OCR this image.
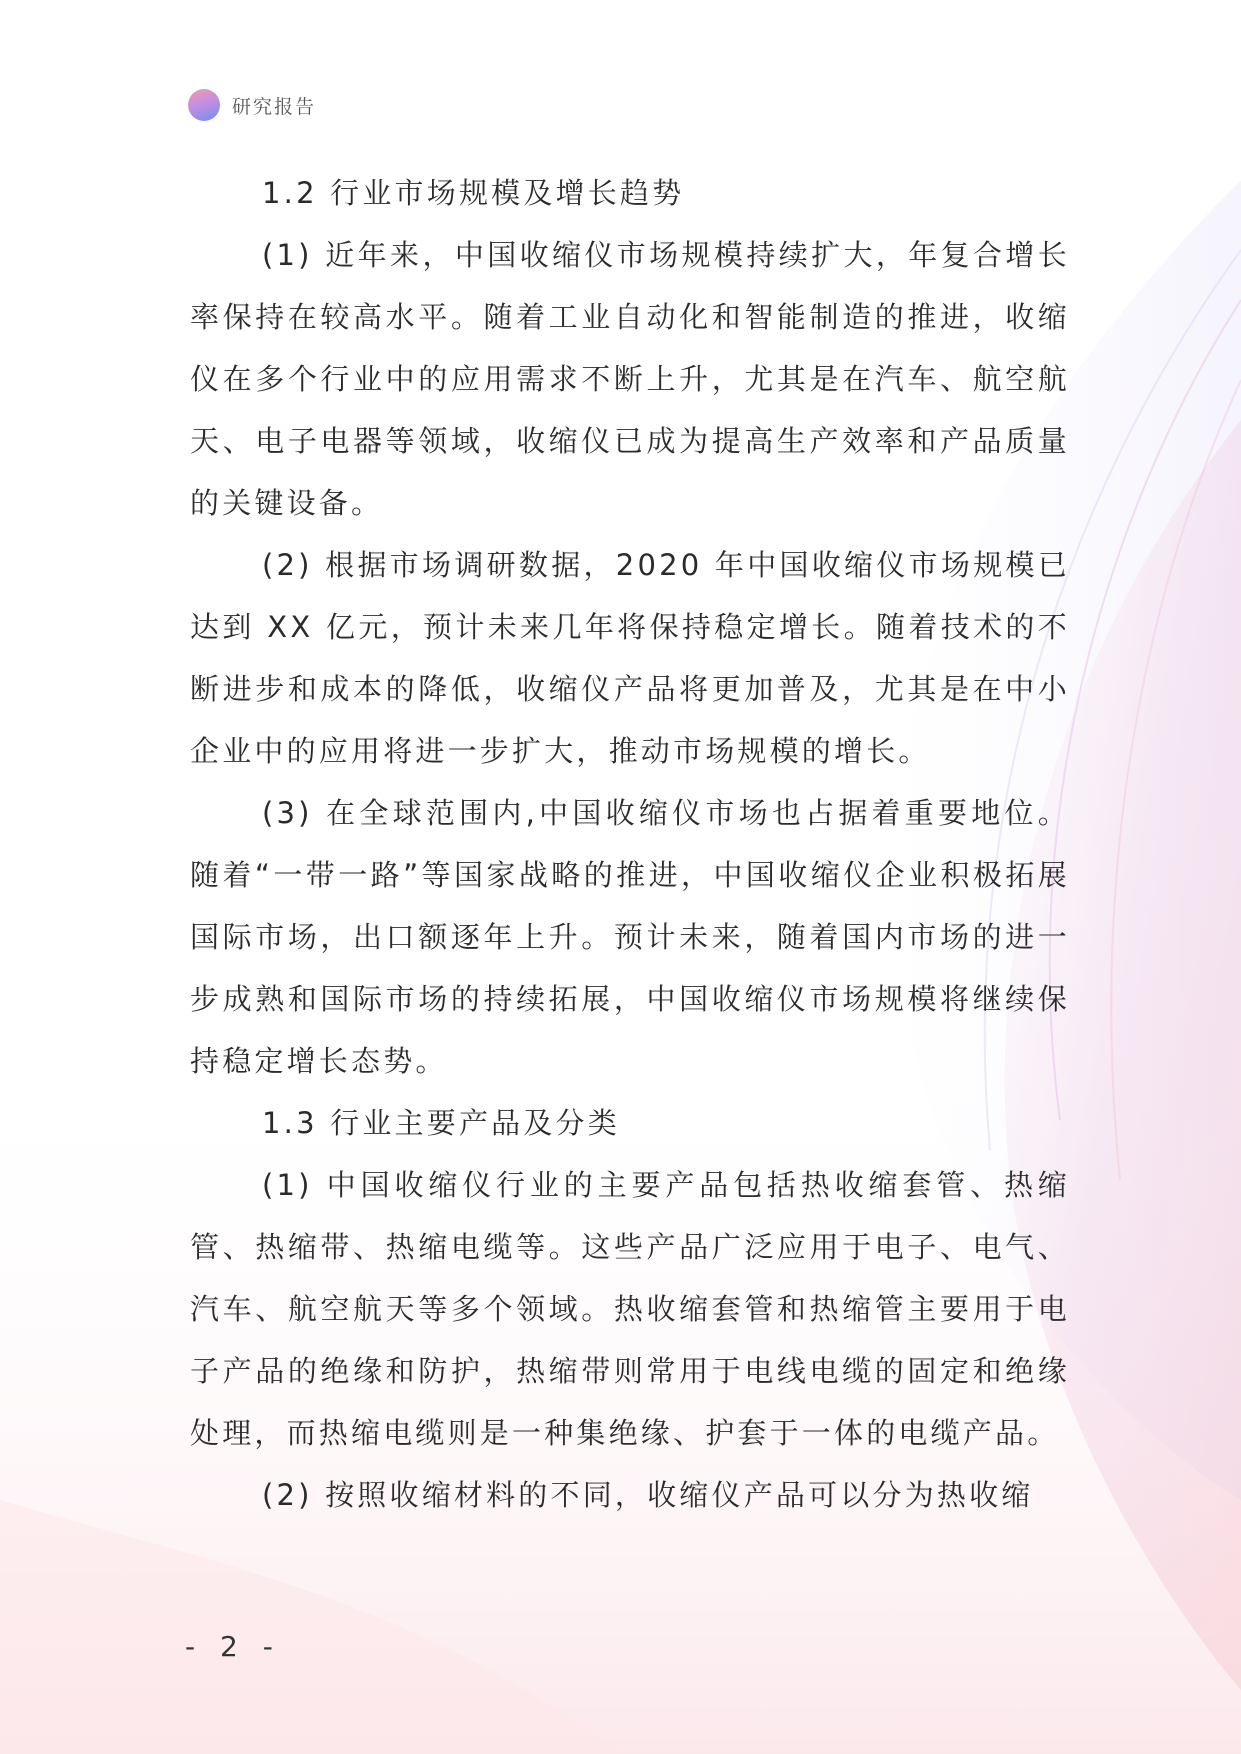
研究报告

1.2 行业市场规模及增长趋势

(1) 近年来，中国收缩仪市场规模持续扩大，年复合增长率保持在较高水平。随着工业自动化和智能制造的推进，收缩仪在多个行业中的应用需求不断上升，尤其是在汽车、航空航天、电子电器等领域，收缩仪已成为提高生产效率和产品质量的关键设备。

(2) 根据市场调研数据，2020 年中国收缩仪市场规模已达到 XX 亿元，预计未来几年将保持稳定增长。随着技术的不断进步和成本的降低，收缩仪产品将更加普及，尤其是在中小企业中的应用将进一步扩大，推动市场规模的增长。

(3) 在全球范围内,中国收缩仪市场也占据着重要地位。随着“一带一路”等国家战略的推进，中国收缩仪企业积极拓展国际市场，出口额逐年上升。预计未来，随着国内市场的进一步成熟和国际市场的持续拓展，中国收缩仪市场规模将继续保持稳定增长态势。

1.3 行业主要产品及分类

(1) 中国收缩仪行业的主要产品包括热收缩套管、热缩管、热缩带、热缩电缆等。这些产品广泛应用于电子、电气、汽车、航空航天等多个领域。热收缩套管和热缩管主要用于电子产品的绝缘和防护，热缩带则常用于电线电缆的固定和绝缘处理，而热缩电缆则是一种集绝缘、护套于一体的电缆产品。

(2) 按照收缩材料的不同，收缩仪产品可以分为热收缩

- 2 -
